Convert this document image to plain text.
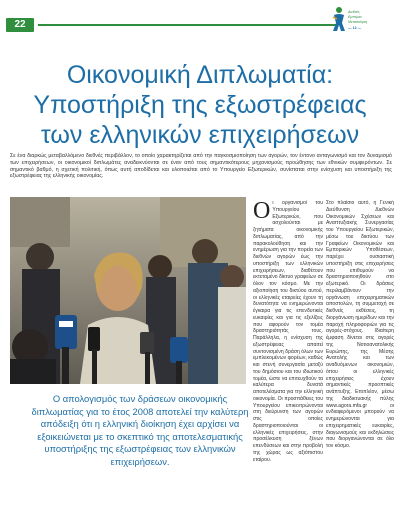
22
Διεθνές
Εμπόριο
Μεταποίηση
— 12 —
Οικονομική Διπλωματία:
Υποστήριξη της εξωστρέφειας
των ελληνικών επιχειρήσεων
Σε ένα διαρκώς μεταβαλλόμενο διεθνές περιβάλλον, το οποίο χαρακτηρίζεται από την παγκοσμιοποίηση των αγορών, τον έντονο ανταγωνισμό και τον δυναμισμό των επιχειρήσεων, οι οικονομικοί διπλωμάτες αναδεικνύονται σε έναν από τους σημαντικότερους μηχανισμούς προώθησης των εθνικών συμφερόντων. Σε σημαντικό βαθμό, η σχετική πολιτική, όπως αυτή αποδίδεται και υλοποιείται από το Υπουργείο Εξωτερικών, συνίσταται στην ενίσχυση και υποστήριξη της εξωστρέφειας της ελληνικής οικονομίας.
Ο απολογισμός των δράσεων οικονομικής διπλωματίας για το έτος 2008 αποτελεί την καλύτερη απόδειξη ότι η ελληνική διοίκηση έχει αρχίσει να εξοικειώνεται με το σκεπτικό της αποτελεσματικής υποστήριξης της εξωστρέφειας των ελληνικών επιχειρήσεων.
Ο ι οργανισμοί του Υπουργείου Εξωτερικών, που ασχολούνται με ζητήματα οικονομικής διπλωματίας, από την παρακολούθηση και την ενημέρωση για την πορεία των διεθνών αγορών έως την υποστήριξη των ελληνικών επιχειρήσεων, διαθέτουν εκτεταμένο δίκτυο γραφείων σε όλον τον κόσμο. Με την αξιοποίηση του δικτύου αυτού, οι ελληνικές εταιρείες έχουν τη δυνατότητα να ενημερώνονται έγκαιρα για τις επενδυτικές ευκαιρίες και για τις εξελίξεις που αφορούν τον τομέα δραστηριότητάς τους. Παράλληλα, η ενίσχυση της εξωστρέφειας απαιτεί συντονισμένη δράση όλων των εμπλεκομένων φορέων, καθώς και στενή συνεργασία μεταξύ του δημόσιου και του ιδιωτικού τομέα, ώστε να επιτευχθούν τα καλύτερα δυνατά αποτελέσματα για την ελληνική οικονομία. Οι προσπάθειες του Υπουργείου επικεντρώνονται στη διεύρυνση των αγορών στις οποίες δραστηριοποιούνται οι ελληνικές επιχειρήσεις, στην προσέλκυση ξένων επενδύσεων και στην προβολή της χώρας ως αξιόπιστου εταίρου.
Στο πλαίσιο αυτό, η Γενική Διεύθυνση Διεθνών Οικονομικών Σχέσεων και Αναπτυξιακής Συνεργασίας του Υπουργείου Εξωτερικών, μέσω του δικτύου των Γραφείων Οικονομικών και Εμπορικών Υποθέσεων, παρέχει ουσιαστική υποστήριξη στις επιχειρήσεις που επιθυμούν να δραστηριοποιηθούν στο εξωτερικό. Οι δράσεις περιλαμβάνουν την οργάνωση επιχειρηματικών αποστολών, τη συμμετοχή σε διεθνείς εκθέσεις, τη διοργάνωση ημερίδων και την παροχή πληροφοριών για τις αγορές-στόχους. Ιδιαίτερη έμφαση δίνεται στις αγορές της Νοτιοανατολικής Ευρώπης, της Μέσης Ανατολής και των αναδυόμενων οικονομιών, όπου οι ελληνικές επιχειρήσεις έχουν σημαντικές προοπτικές ανάπτυξης. Επιπλέον, μέσω της διαδικτυακής πύλης www.agora.mfa.gr οι ενδιαφερόμενοι μπορούν να ενημερώνονται για επιχειρηματικές ευκαιρίες, διαγωνισμούς και εκδηλώσεις που διοργανώνονται σε όλο τον κόσμο.
